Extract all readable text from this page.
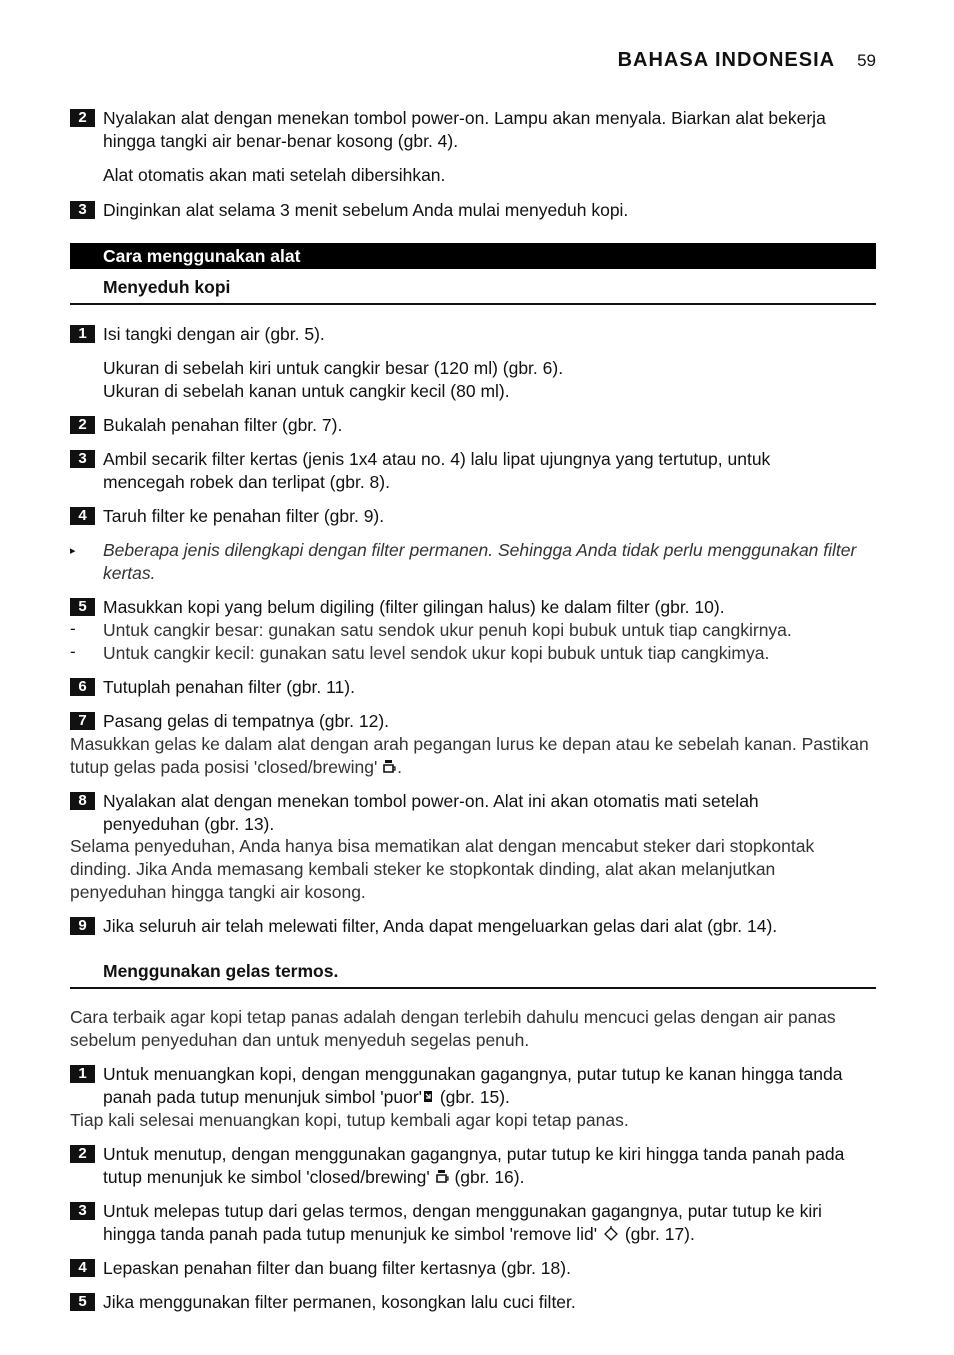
BAHASA INDONESIA 59
2 Nyalakan alat dengan menekan tombol power-on. Lampu akan menyala. Biarkan alat bekerja
hingga tangki air benar-benar kosong (gbr. 4).
Alat otomatis akan mati setelah dibersihkan.
3 Dinginkan alat selama 3 menit sebelum Anda mulai menyeduh kopi.
Cara menggunakan alat
Menyeduh kopi
1 Isi tangki dengan air (gbr. 5).
Ukuran di sebelah kiri untuk cangkir besar (120 ml) (gbr. 6).
Ukuran di sebelah kanan untuk cangkir kecil (80 ml).
2 Bukalah penahan filter (gbr. 7).
3 Ambil secarik filter kertas (jenis 1x4 atau no. 4) lalu lipat ujungnya yang tertutup, untuk
mencegah robek dan terlipat (gbr. 8).
4 Taruh filter ke penahan filter (gbr. 9).
▸ Beberapa jenis dilengkapi dengan filter permanen. Sehingga Anda tidak perlu menggunakan filter
kertas.
5 Masukkan kopi yang belum digiling (filter gilingan halus) ke dalam filter (gbr. 10).
- Untuk cangkir besar: gunakan satu sendok ukur penuh kopi bubuk untuk tiap cangkirnya.
- Untuk cangkir kecil: gunakan satu level sendok ukur kopi bubuk untuk tiap cangkimya.
6 Tutuplah penahan filter (gbr. 11).
7 Pasang gelas di tempatnya (gbr. 12).
Masukkan gelas ke dalam alat dengan arah pegangan lurus ke depan atau ke sebelah kanan. Pastikan
tutup gelas pada posisi 'closed/brewing' .
8 Nyalakan alat dengan menekan tombol power-on. Alat ini akan otomatis mati setelah
penyeduhan (gbr. 13).
Selama penyeduhan, Anda hanya bisa mematikan alat dengan mencabut steker dari stopkontak
dinding. Jika Anda memasang kembali steker ke stopkontak dinding, alat akan melanjutkan
penyeduhan hingga tangki air kosong.
9 Jika seluruh air telah melewati filter, Anda dapat mengeluarkan gelas dari alat (gbr. 14).
Menggunakan gelas termos.
Cara terbaik agar kopi tetap panas adalah dengan terlebih dahulu mencuci gelas dengan air panas
sebelum penyeduhan dan untuk menyeduh segelas penuh.
1 Untuk menuangkan kopi, dengan menggunakan gagangnya, putar tutup ke kanan hingga tanda
panah pada tutup menunjuk simbol 'puor' (gbr. 15).
Tiap kali selesai menuangkan kopi, tutup kembali agar kopi tetap panas.
2 Untuk menutup, dengan menggunakan gagangnya, putar tutup ke kiri hingga tanda panah pada
tutup menunjuk ke simbol 'closed/brewing'  (gbr. 16).
3 Untuk melepas tutup dari gelas termos, dengan menggunakan gagangnya, putar tutup ke kiri
hingga tanda panah pada tutup menunjuk ke simbol 'remove lid'  (gbr. 17).
4 Lepaskan penahan filter dan buang filter kertasnya (gbr. 18).
5 Jika menggunakan filter permanen, kosongkan lalu cuci filter.
